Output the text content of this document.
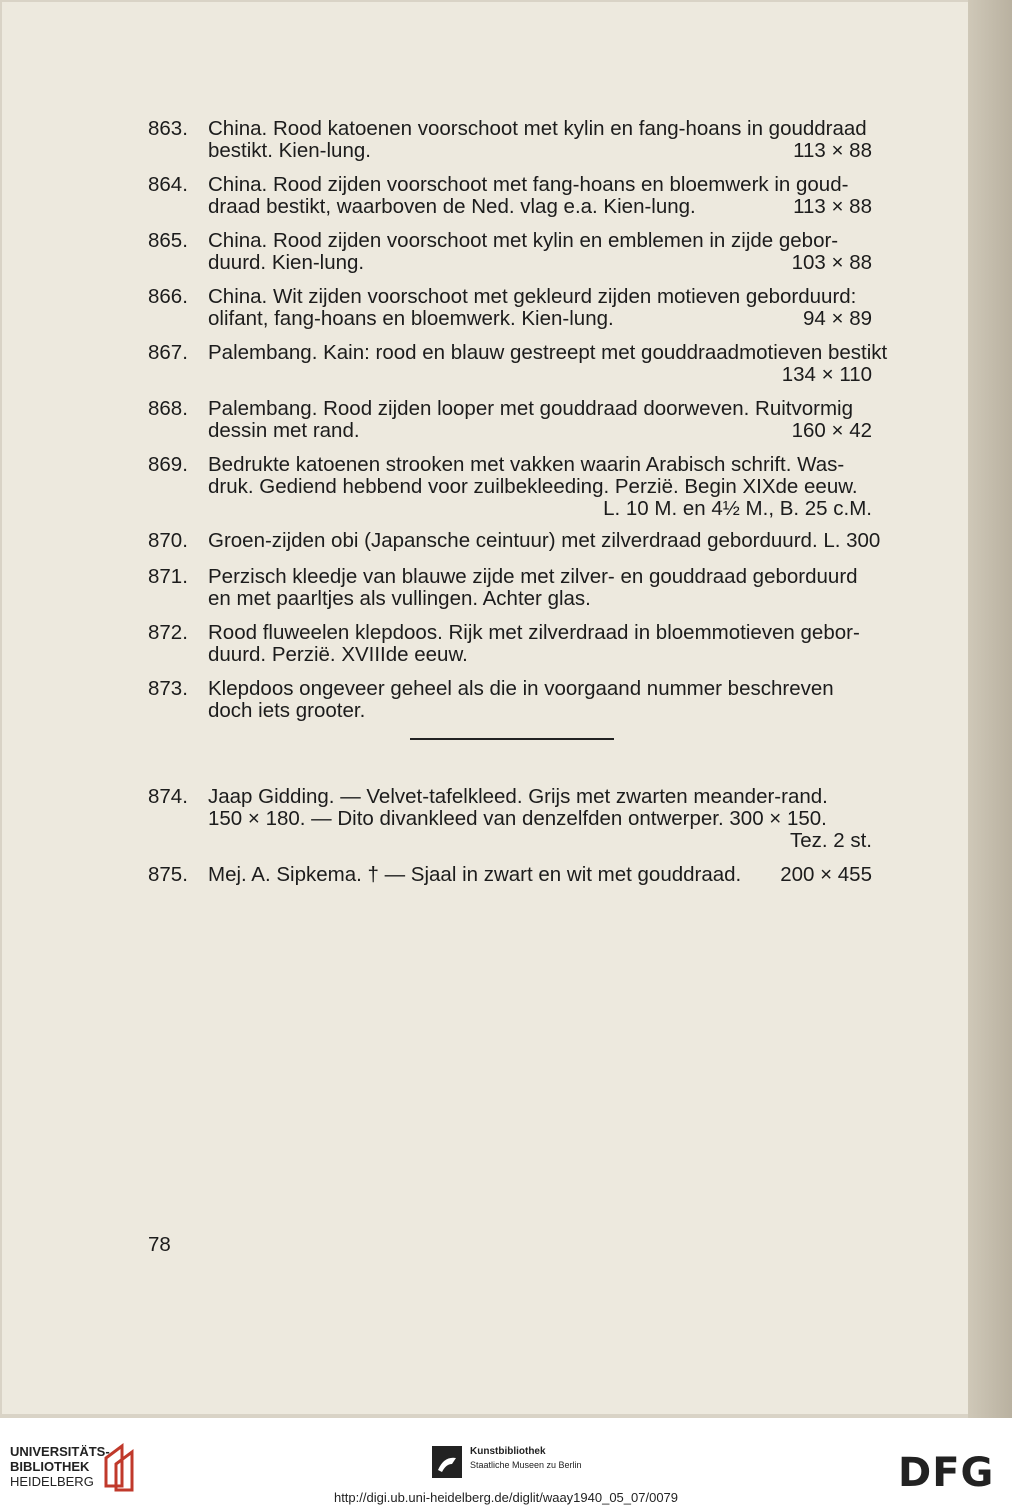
863. China. Rood katoenen voorschoot met kylin en fang-hoans in gouddraad
bestikt. Kien-lung.	113 × 88
864. China. Rood zijden voorschoot met fang-hoans en bloemwerk in goud-
draad bestikt, waarboven de Ned. vlag e.a. Kien-lung.	113 × 88
865. China. Rood zijden voorschoot met kylin en emblemen in zijde gebor-
duurd. Kien-lung.	103 × 88
866. China. Wit zijden voorschoot met gekleurd zijden motieven geborduurd:
olifant, fang-hoans en bloemwerk. Kien-lung.	94 × 89
867. Palembang. Kain: rood en blauw gestreept met gouddraadmotieven bestikt
134 × 110
868. Palembang. Rood zijden looper met gouddraad doorweven. Ruitvormig
dessin met rand.	160 × 42
869. Bedrukte katoenen strooken met vakken waarin Arabisch schrift. Was-
druk. Gediend hebbend voor zuilbekleeding. Perzië. Begin XIXde eeuw.
L. 10 M. en 4½ M., B. 25 c.M.
870. Groen-zijden obi (Japansche ceintuur) met zilverdraad geborduurd. L. 300
871. Perzisch kleedje van blauwe zijde met zilver- en gouddraad geborduurd
en met paarltjes als vullingen. Achter glas.
872. Rood fluweelen klepdoos. Rijk met zilverdraad in bloemmotieven gebor-
duurd. Perzië. XVIIIde eeuw.
873. Klepdoos ongeveer geheel als die in voorgaand nummer beschreven
doch iets grooter.
874. Jaap Gidding. — Velvet-tafelkleed. Grijs met zwarten meander-rand.
150 × 180. — Dito divankleed van denzelfden ontwerper. 300 × 150.
Tez. 2 st.
875. Mej. A. Sipkema. † — Sjaal in zwart en wit met gouddraad. 200 × 455
78
UNIVERSITÄTS-
BIBLIOTHEK
HEIDELBERG
Kunstbibliothek
Staatliche Museen zu Berlin	DFG
http://digi.ub.uni-heidelberg.de/diglit/waay1940_05_07/0079
